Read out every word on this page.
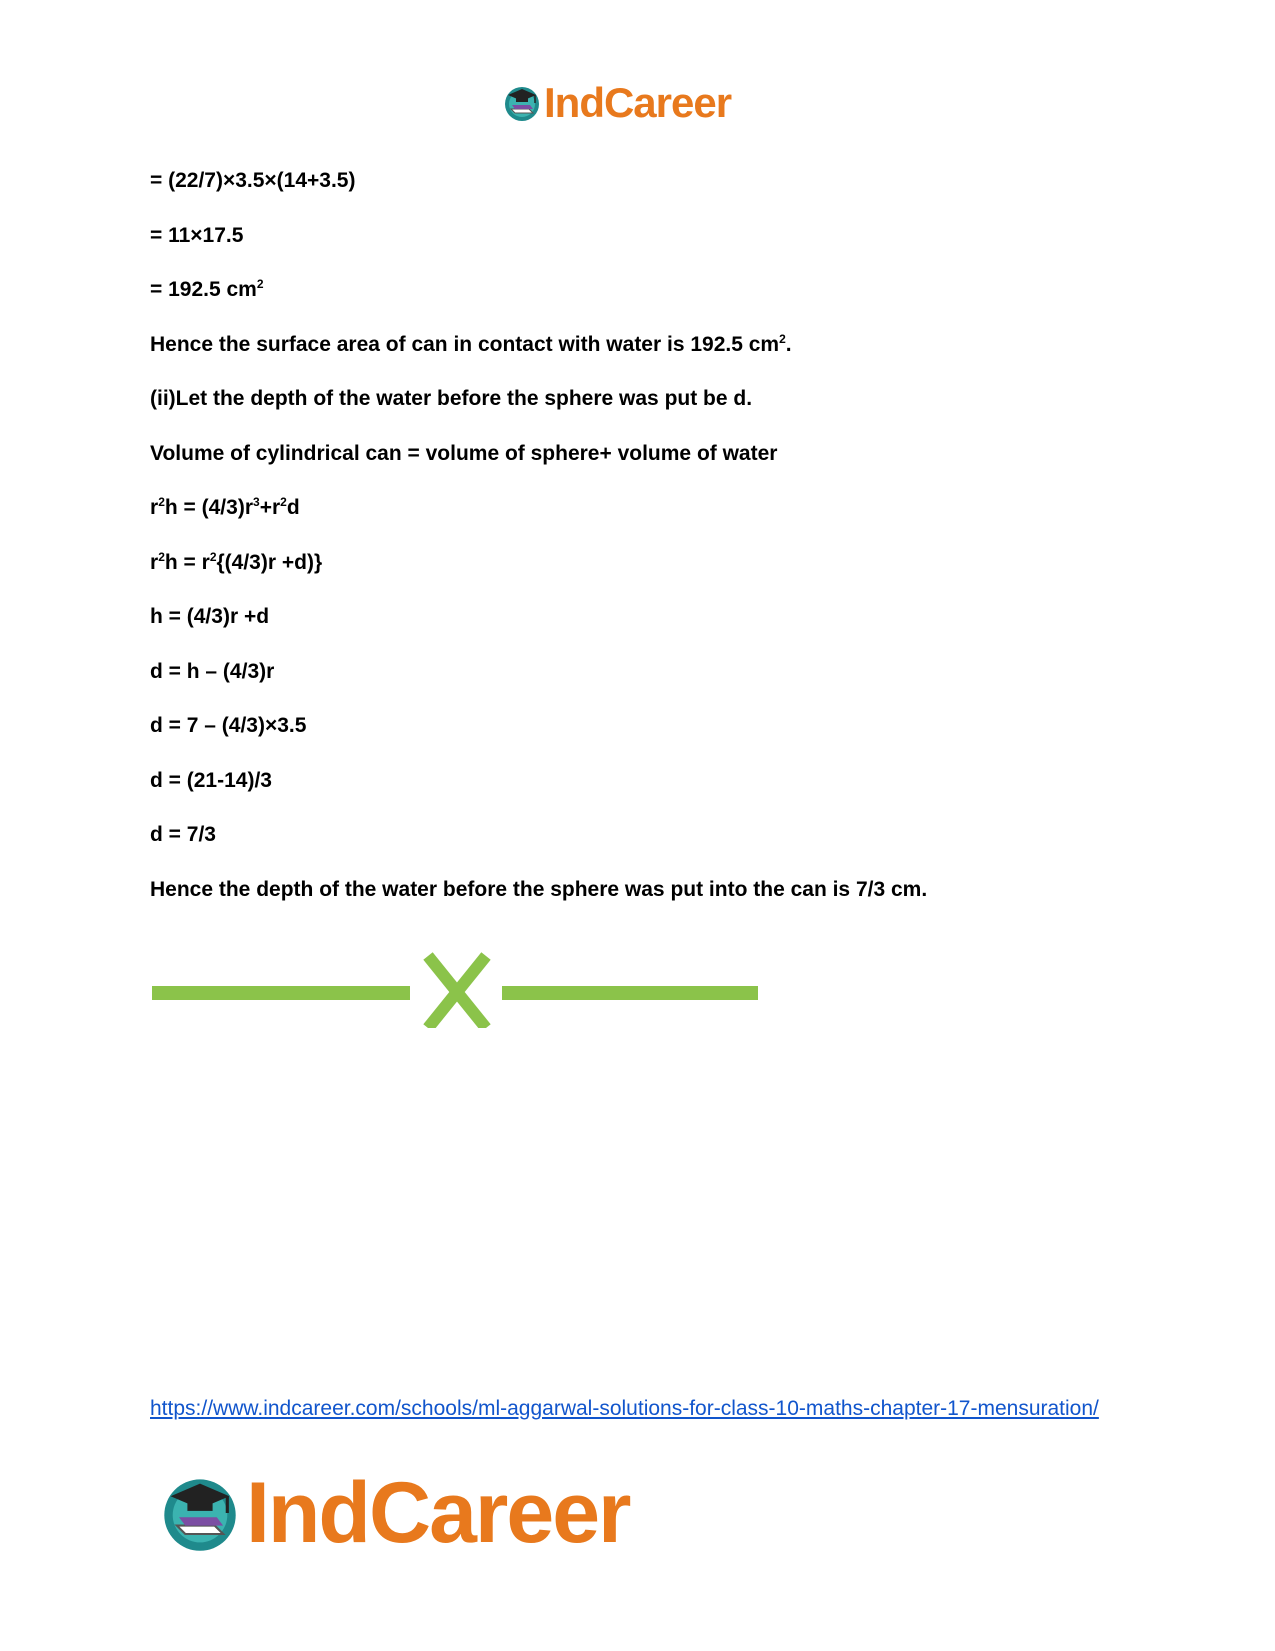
IndCareer
= (22/7)×3.5×(14+3.5)
= 11×17.5
= 192.5 $cm^2$
Hence the surface area of can in contact with water is 192.5 $cm^2$.
(ii)Let the depth of the water before the sphere was put be d.
Volume of cylindrical can = volume of sphere+ volume of water
$r^2h = (4/3)r^3+r^2d$
$r^2h = r^2\{(4/3)r +d)$}
h = (4/3)r +d
d = h – (4/3)r
d = 7 – (4/3)×3.5
d = (21-14)/3
d = 7/3
Hence the depth of the water before the sphere was put into the can is 7/3 cm.
https://www.indcareer.com/schools/ml-aggarwal-solutions-for-class-10-maths-chapter-17-mensuration/
IndCareer
